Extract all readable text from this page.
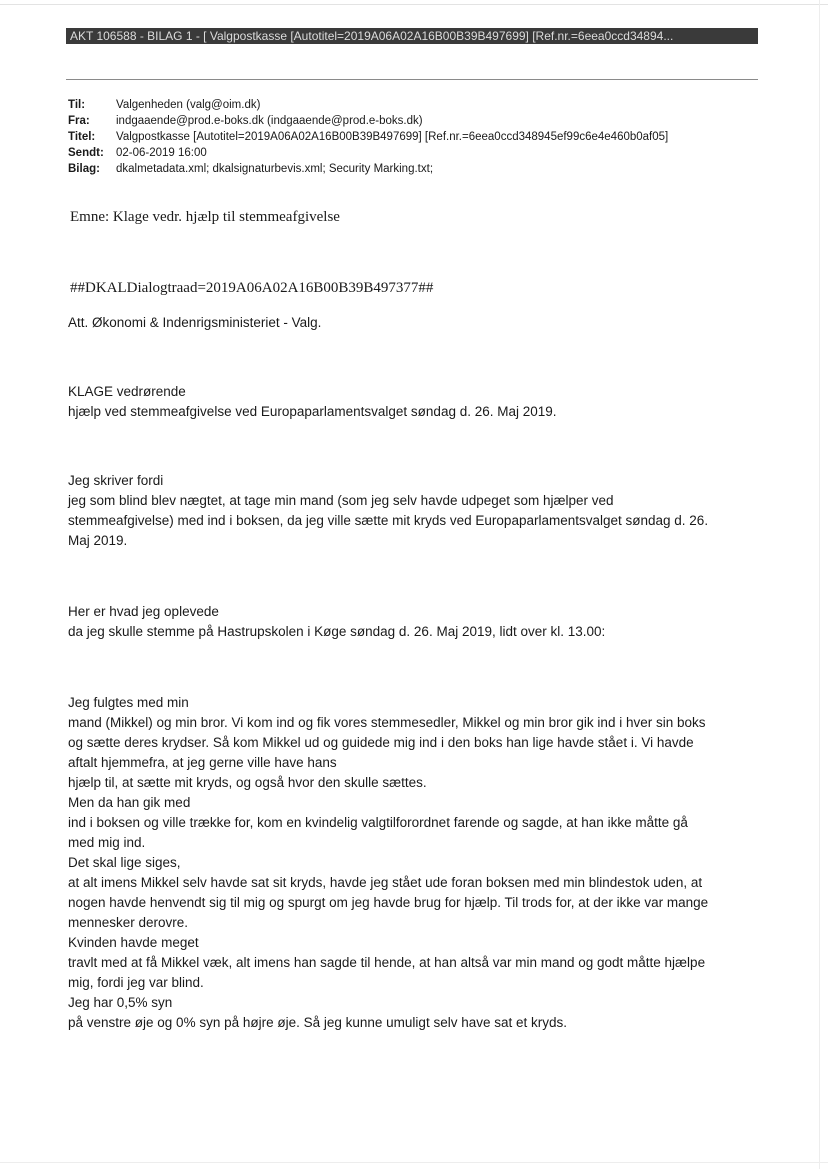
AKT 106588 - BILAG 1 - [ Valgpostkasse [Autotitel=2019A06A02A16B00B39B497699] [Ref.nr.=6eea0ccd34894...
Til:	Valgenheden (valg@oim.dk)
Fra:	indgaaende@prod.e-boks.dk (indgaaende@prod.e-boks.dk)
Titel:	Valgpostkasse [Autotitel=2019A06A02A16B00B39B497699] [Ref.nr.=6eea0ccd348945ef99c6e4e460b0af05]
Sendt:	02-06-2019 16:00
Bilag:	dkalmetadata.xml; dkalsignaturbevis.xml; Security Marking.txt;
Emne: Klage vedr. hjælp til stemmeafgivelse
##DKALDialogtraad=2019A06A02A16B00B39B497377##

Att. Økonomi & Indenrigsministeriet - Valg.

KLAGE vedrørende

hjælp ved stemmeafgivelse ved Europaparlamentsvalget søndag d. 26. Maj 2019.

Jeg skriver fordi

jeg som blind blev nægtet, at tage min mand (som jeg selv havde udpeget som hjælper ved

stemmeafgivelse) med ind i boksen, da jeg ville sætte mit kryds ved Europaparlamentsvalget søndag d. 26.

Maj 2019.

Her er hvad jeg oplevede

da jeg skulle stemme på Hastrupskolen i Køge søndag d. 26. Maj 2019, lidt over kl. 13.00:

Jeg fulgtes med min

mand (Mikkel) og min bror. Vi kom ind og fik vores stemmesedler, Mikkel og min bror gik ind i hver sin boks

og sætte deres krydser. Så kom Mikkel ud og guidede mig ind i den boks han lige havde stået i. Vi havde

aftalt hjemmefra, at jeg gerne ville have hans

hjælp til, at sætte mit kryds, og også hvor den skulle sættes.

Men da han gik med

ind i boksen og ville trække for, kom en kvindelig valgtilforordnet farende og sagde, at han ikke måtte gå

med mig ind.

Det skal lige siges,

at alt imens Mikkel selv havde sat sit kryds, havde jeg stået ude foran boksen med min blindestok uden, at

nogen havde henvendt sig til mig og spurgt om jeg havde brug for hjælp. Til trods for, at der ikke var mange

mennesker derovre.

Kvinden havde meget

travlt med at få Mikkel væk, alt imens han sagde til hende, at han altså var min mand og godt måtte hjælpe

mig, fordi jeg var blind.

Jeg har 0,5% syn

på venstre øje og 0% syn på højre øje. Så jeg kunne umuligt selv have sat et kryds.
